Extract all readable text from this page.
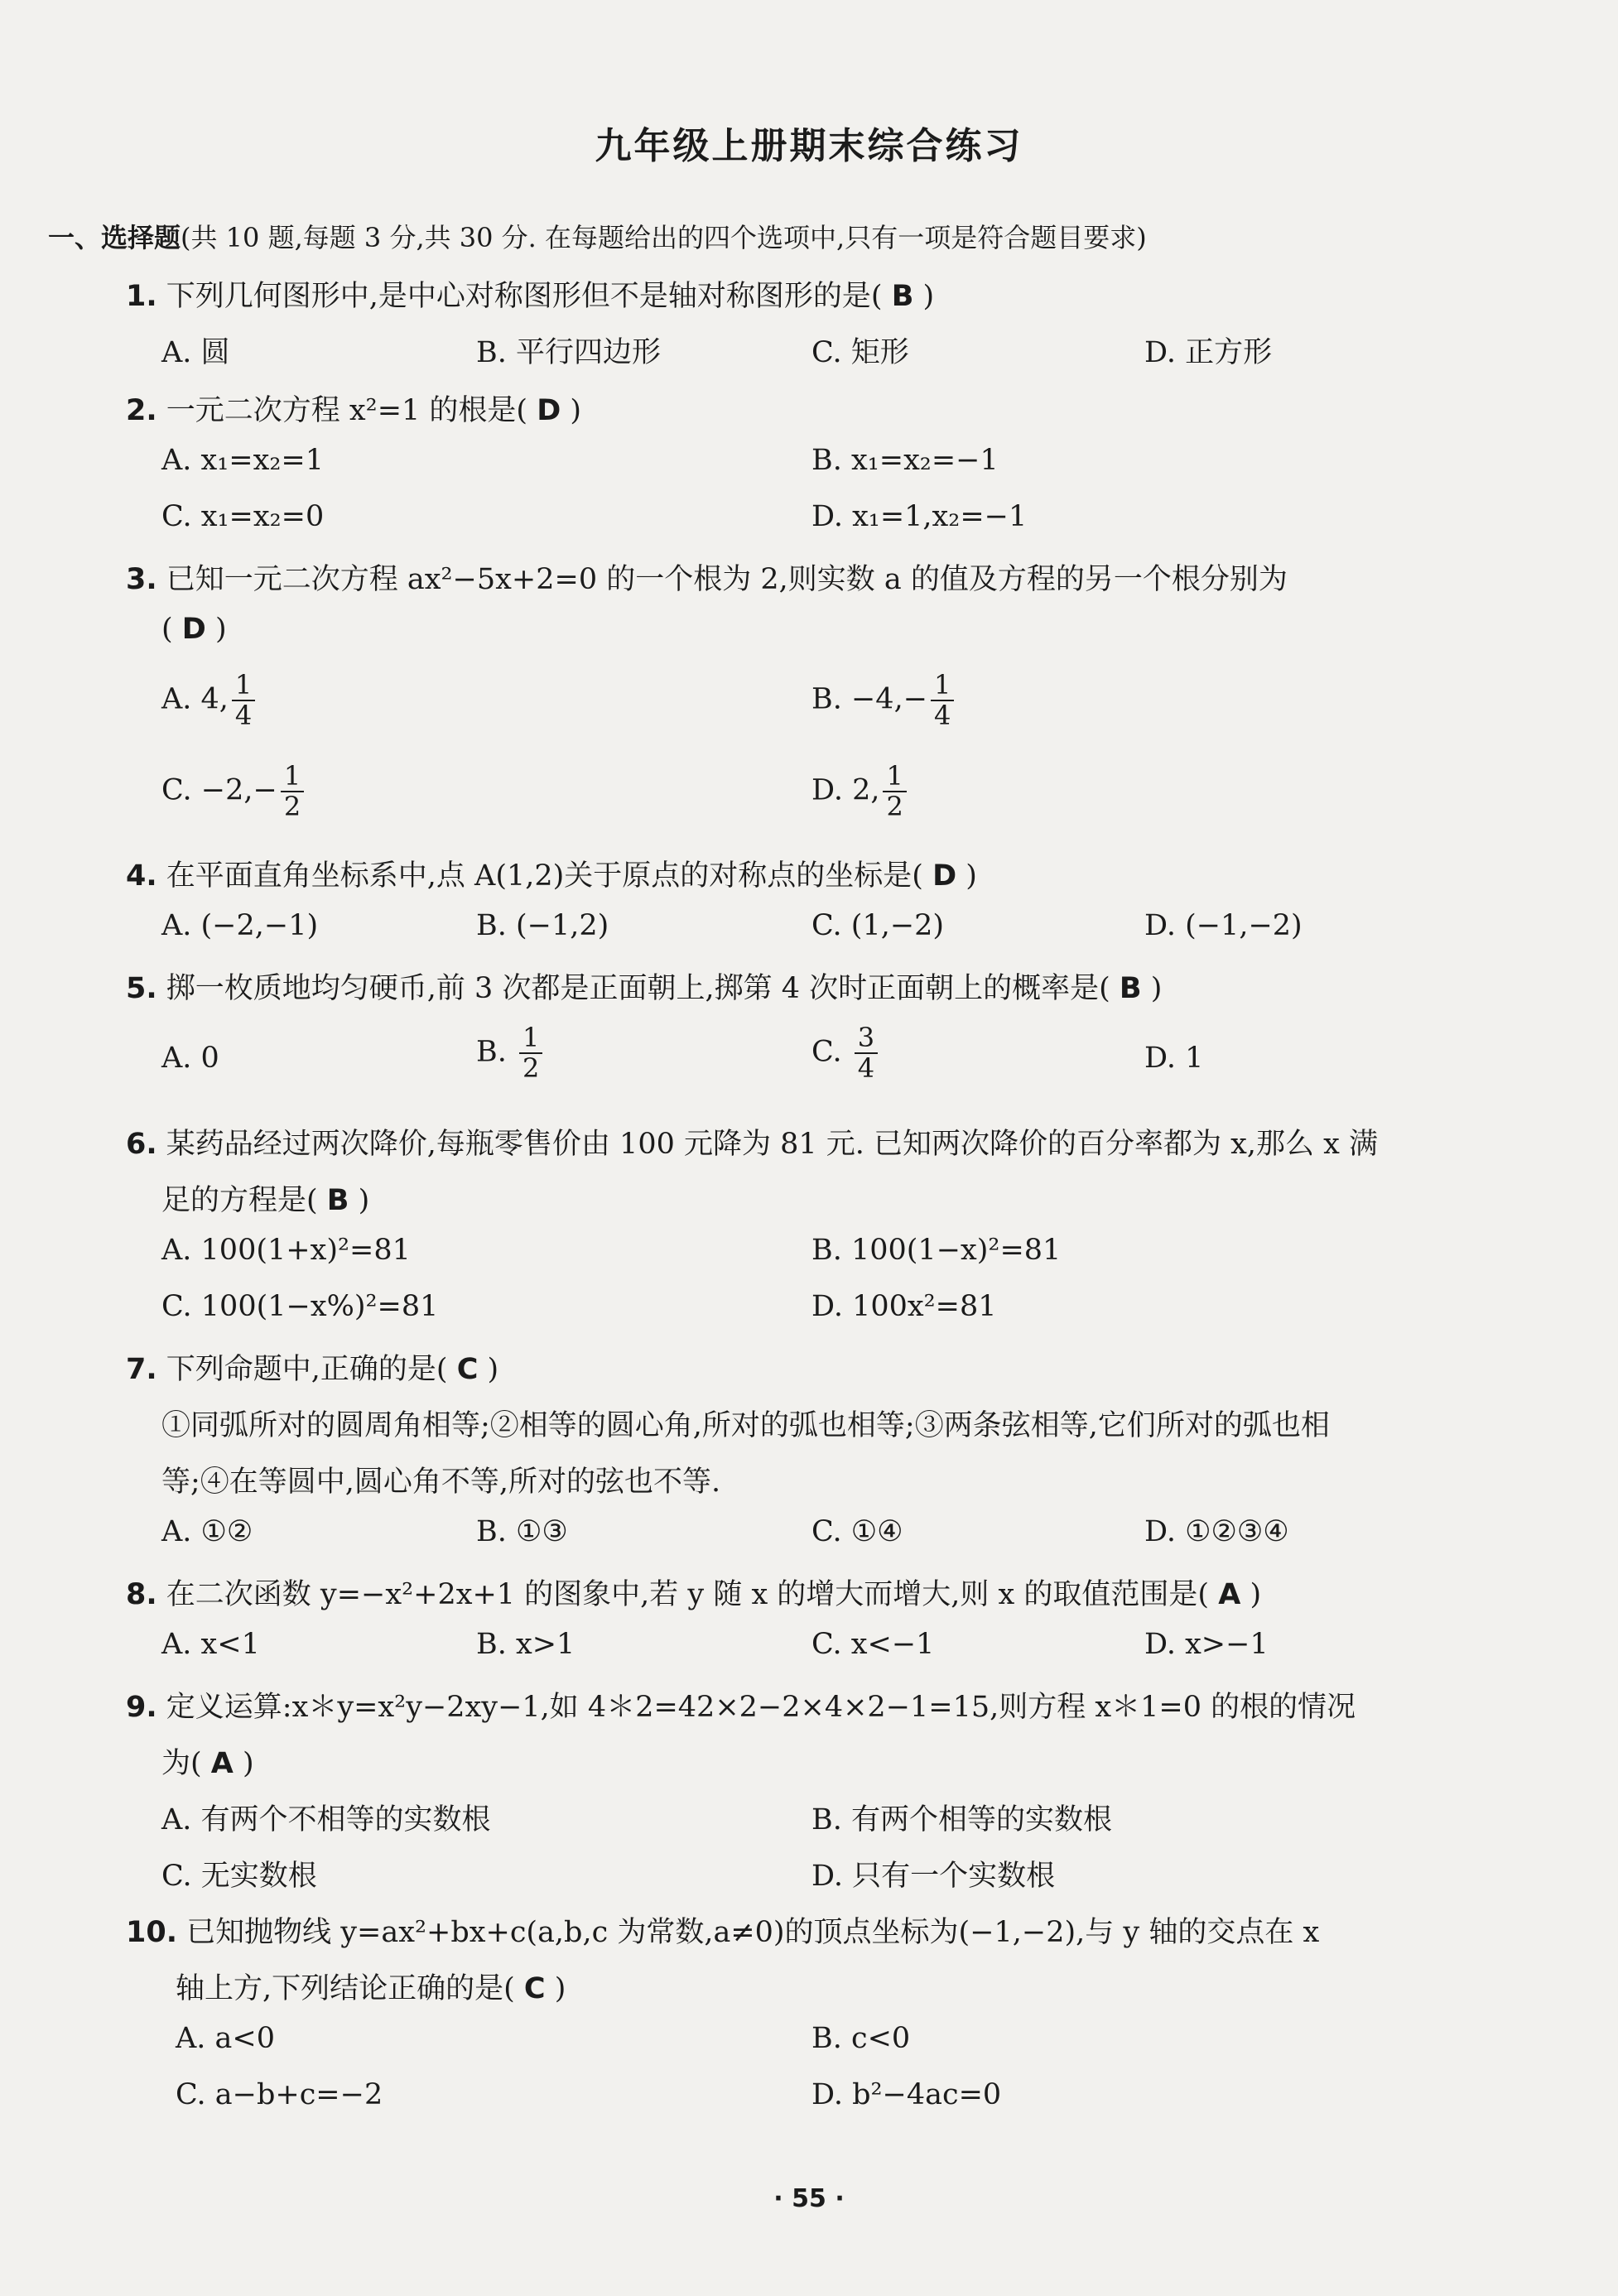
九年级上册期末综合练习
一、选择题(共 10 题,每题 3 分,共 30 分. 在每题给出的四个选项中,只有一项是符合题目要求)
1. 下列几何图形中,是中心对称图形但不是轴对称图形的是( B )
A. 圆	B. 平行四边形	C. 矩形	D. 正方形
2. 一元二次方程 x²=1 的根是( D )
A. x₁=x₂=1	B. x₁=x₂=−1
C. x₁=x₂=0	D. x₁=1,x₂=−1
3. 已知一元二次方程 ax²−5x+2=0 的一个根为 2,则实数 a 的值及方程的另一个根分别为
( D )
A. 4, $\frac{1}{4}$	B. $-4,- \frac{1}{4}$
C. $-2,- \frac{1}{2}$	D. 2, $\frac{1}{2}$
4. 在平面直角坐标系中,点 A(1,2)关于原点的对称点的坐标是( D )
A. (−2,−1)	B. (−1,2)	C. (1,−2)	D. (−1,−2)
5. 掷一枚质地均匀硬币,前 3 次都是正面朝上,掷第 4 次时正面朝上的概率是( B )
A. 0	B. $\frac{1}{2}$	C. $\frac{3}{4}$	D. 1
6. 某药品经过两次降价,每瓶零售价由 100 元降为 81 元. 已知两次降价的百分率都为 x,那么 x 满
足的方程是( B )
A. 100(1+x)²=81	B. 100(1−x)²=81
C. 100(1−x%)²=81	D. 100x²=81
7. 下列命题中,正确的是( C )
①同弧所对的圆周角相等;②相等的圆心角,所对的弧也相等;③两条弦相等,它们所对的弧也相
等;④在等圆中,圆心角不等,所对的弦也不等.
A. ①②	B. ①③	C. ①④	D. ①②③④
8. 在二次函数 y=−x²+2x+1 的图象中,若 y 随 x 的增大而增大,则 x 的取值范围是( A )
A. x<1	B. x>1	C. x<−1	D. x>−1
9. 定义运算:x＊y=x²y−2xy−1,如 4＊2=42×2−2×4×2−1=15,则方程 x＊1=0 的根的情况
为( A )
A. 有两个不相等的实数根	B. 有两个相等的实数根
C. 无实数根	D. 只有一个实数根
10. 已知抛物线 y=ax²+bx+c(a,b,c 为常数,a≠0)的顶点坐标为(−1,−2),与 y 轴的交点在 x
轴上方,下列结论正确的是( C )
A. a<0	B. c<0
C. a−b+c=−2	D. b²−4ac=0
· 55 ·
